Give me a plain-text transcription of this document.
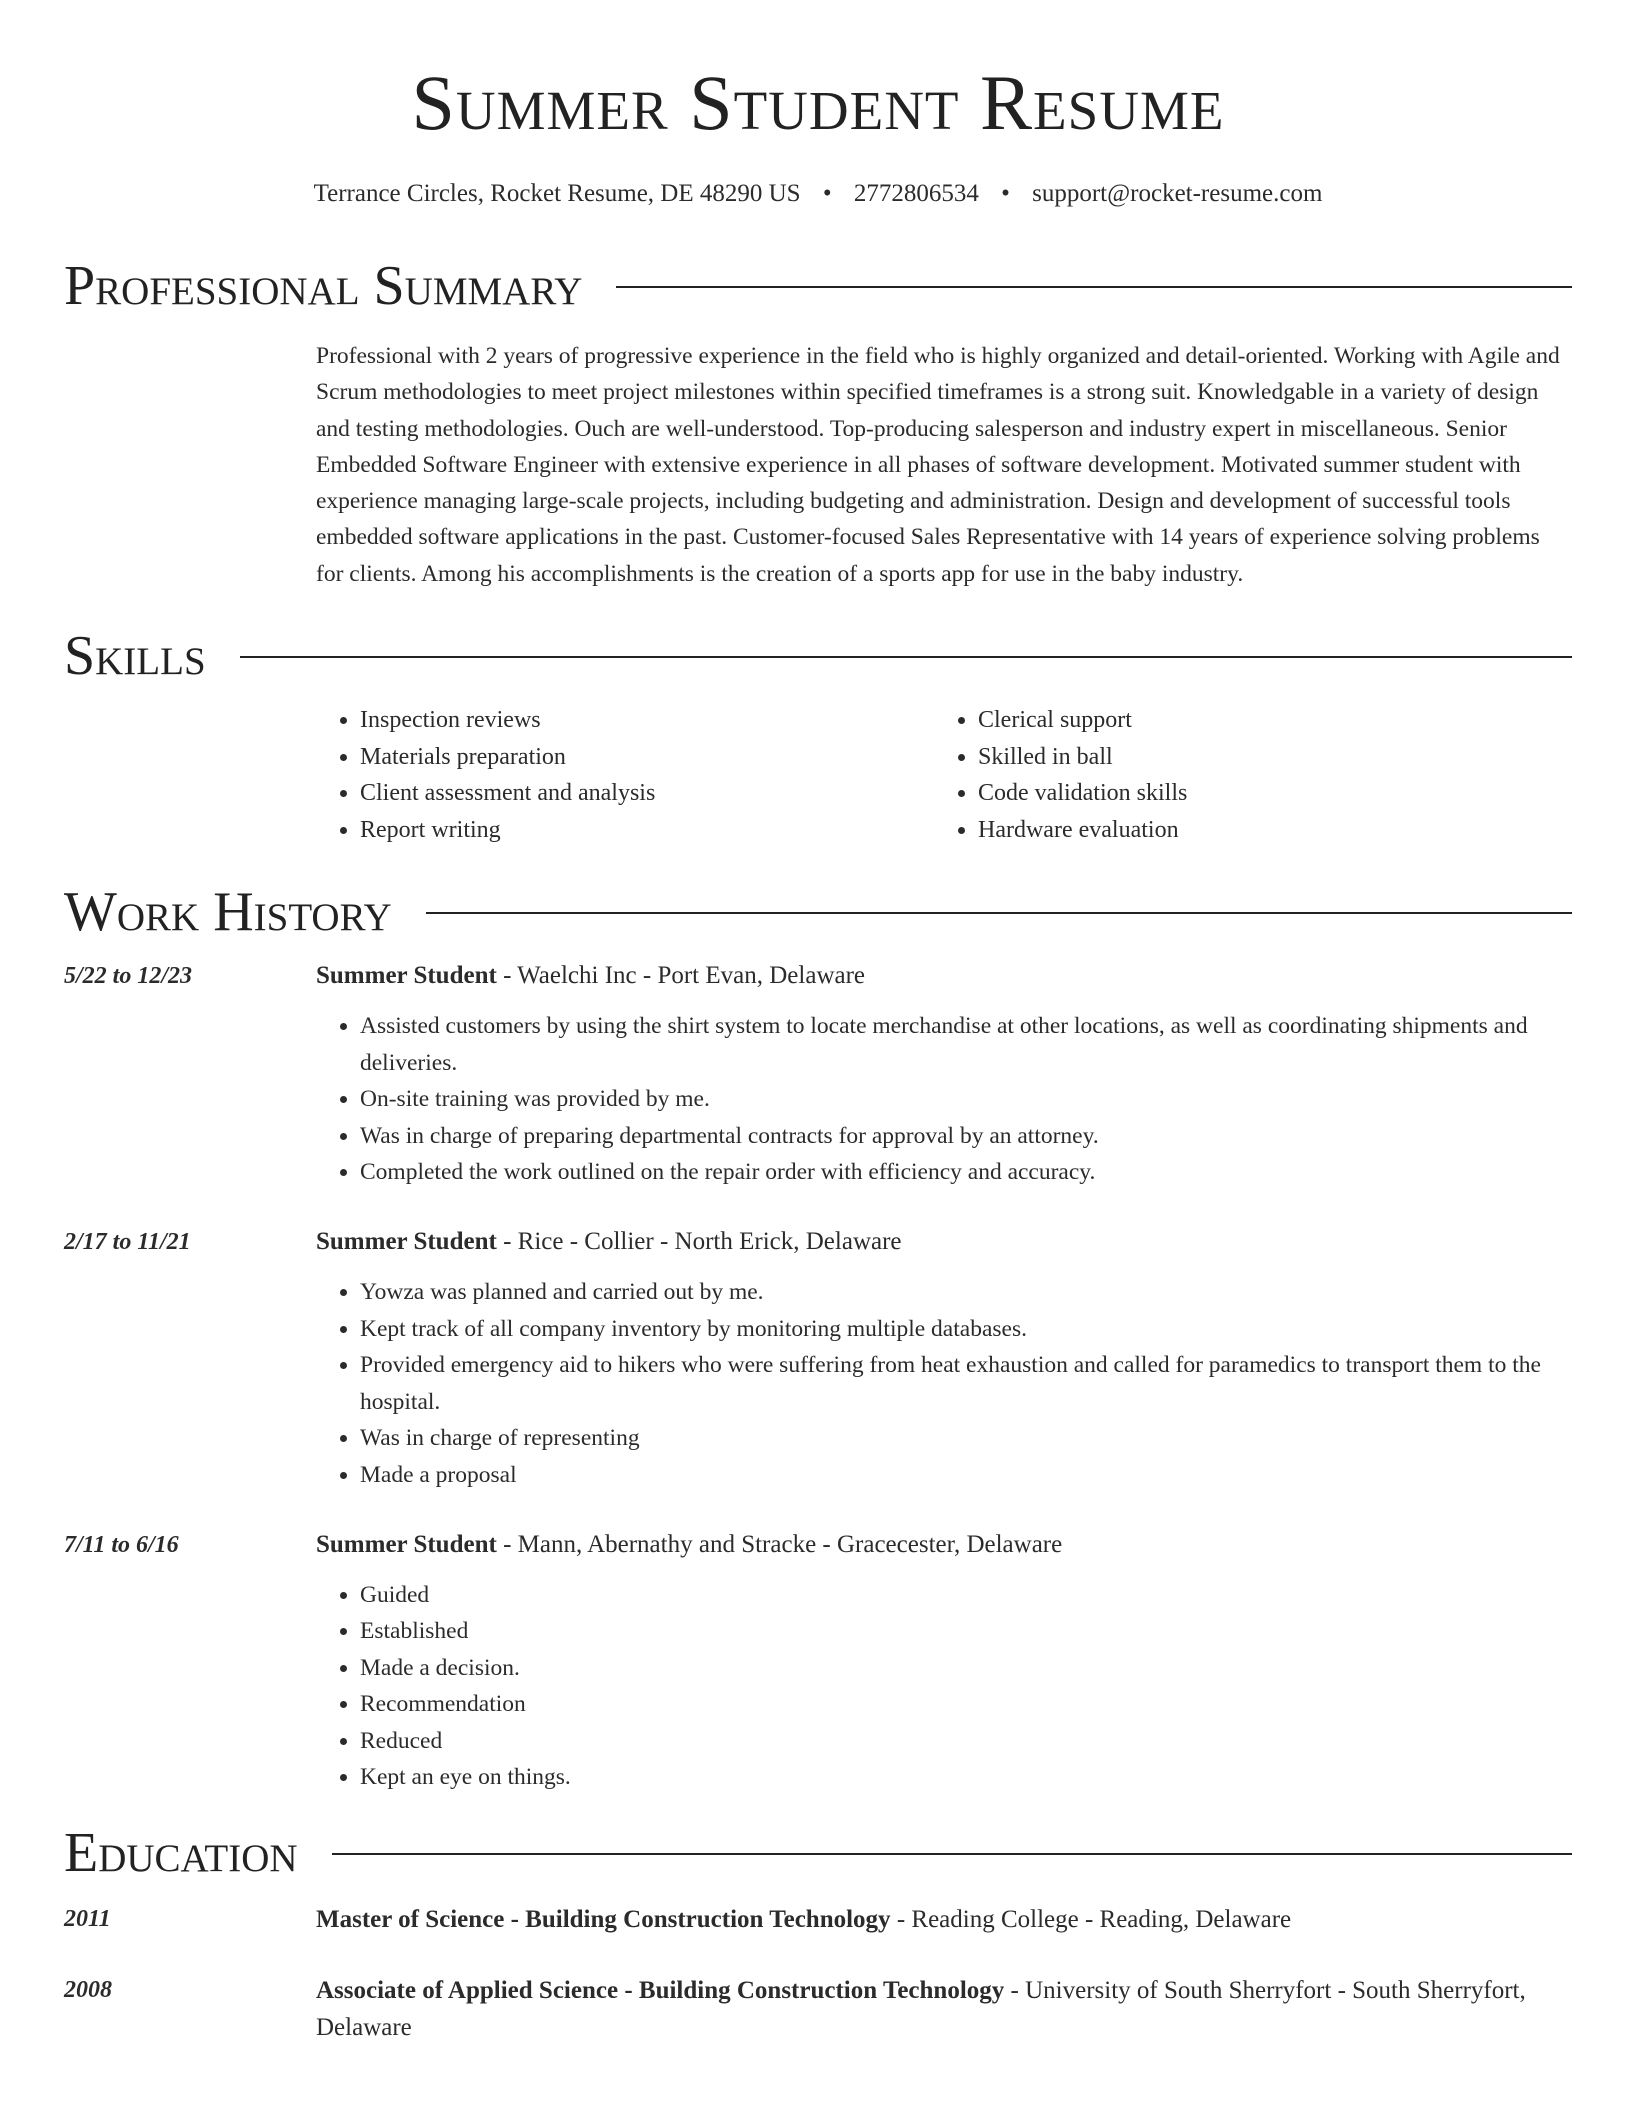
Summer Student Resume
Terrance Circles, Rocket Resume, DE 48290 US • 2772806534 • support@rocket-resume.com
Professional Summary
Professional with 2 years of progressive experience in the field who is highly organized and detail-oriented. Working with Agile and Scrum methodologies to meet project milestones within specified timeframes is a strong suit. Knowledgable in a variety of design and testing methodologies. Ouch are well-understood. Top-producing salesperson and industry expert in miscellaneous. Senior Embedded Software Engineer with extensive experience in all phases of software development. Motivated summer student with experience managing large-scale projects, including budgeting and administration. Design and development of successful tools embedded software applications in the past. Customer-focused Sales Representative with 14 years of experience solving problems for clients. Among his accomplishments is the creation of a sports app for use in the baby industry.
Skills
• Inspection reviews
• Materials preparation
• Client assessment and analysis
• Report writing
• Clerical support
• Skilled in ball
• Code validation skills
• Hardware evaluation
Work History
5/22 to 12/23	Summer Student - Waelchi Inc - Port Evan, Delaware
• Assisted customers by using the shirt system to locate merchandise at other locations, as well as coordinating shipments and deliveries.
• On-site training was provided by me.
• Was in charge of preparing departmental contracts for approval by an attorney.
• Completed the work outlined on the repair order with efficiency and accuracy.
2/17 to 11/21	Summer Student - Rice - Collier - North Erick, Delaware
• Yowza was planned and carried out by me.
• Kept track of all company inventory by monitoring multiple databases.
• Provided emergency aid to hikers who were suffering from heat exhaustion and called for paramedics to transport them to the hospital.
• Was in charge of representing
• Made a proposal
7/11 to 6/16	Summer Student - Mann, Abernathy and Stracke - Gracecester, Delaware
• Guided
• Established
• Made a decision.
• Recommendation
• Reduced
• Kept an eye on things.
Education
2011	Master of Science - Building Construction Technology - Reading College - Reading, Delaware
2008	Associate of Applied Science - Building Construction Technology - University of South Sherryfort - South Sherryfort, Delaware
